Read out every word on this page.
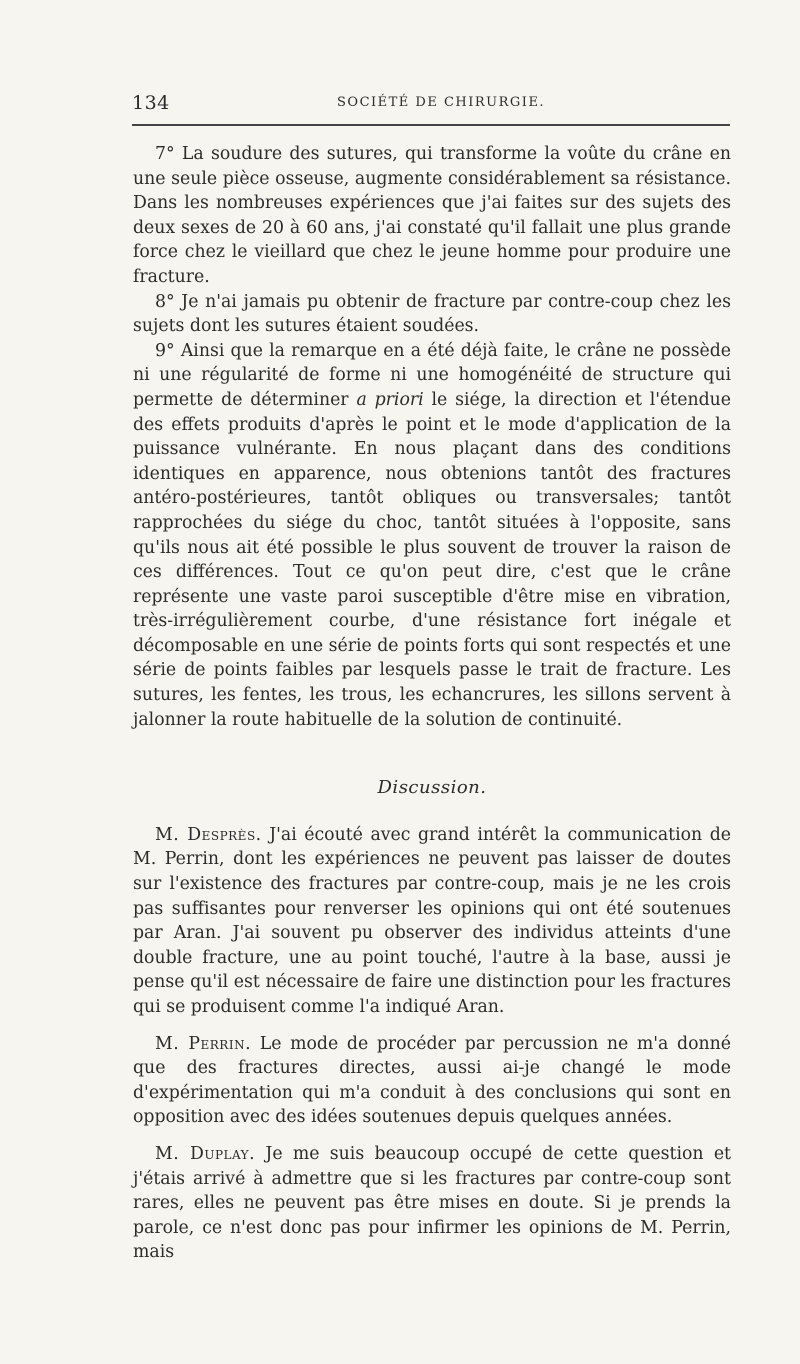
134	SOCIÉTÉ DE CHIRURGIE.

7° La soudure des sutures, qui transforme la voûte du crâne en une seule pièce osseuse, augmente considérablement sa résistance. Dans les nombreuses expériences que j'ai faites sur des sujets des deux sexes de 20 à 60 ans, j'ai constaté qu'il fallait une plus grande force chez le vieillard que chez le jeune homme pour produire une fracture.

8° Je n'ai jamais pu obtenir de fracture par contre-coup chez les sujets dont les sutures étaient soudées.

9° Ainsi que la remarque en a été déjà faite, le crâne ne possède ni une régularité de forme ni une homogénéité de structure qui permette de déterminer a priori le siége, la direction et l'étendue des effets produits d'après le point et le mode d'application de la puissance vulnérante. En nous plaçant dans des conditions identiques en apparence, nous obtenions tantôt des fractures antéro-postérieures, tantôt obliques ou transversales; tantôt rapprochées du siége du choc, tantôt situées à l'opposite, sans qu'ils nous ait été possible le plus souvent de trouver la raison de ces différences. Tout ce qu'on peut dire, c'est que le crâne représente une vaste paroi susceptible d'être mise en vibration, très-irrégulièrement courbe, d'une résistance fort inégale et décomposable en une série de points forts qui sont respectés et une série de points faibles par lesquels passe le trait de fracture. Les sutures, les fentes, les trous, les echancrures, les sillons servent à jalonner la route habituelle de la solution de continuité.

Discussion.

M. Desprès. J'ai écouté avec grand intérêt la communication de M. Perrin, dont les expériences ne peuvent pas laisser de doutes sur l'existence des fractures par contre-coup, mais je ne les crois pas suffisantes pour renverser les opinions qui ont été soutenues par Aran. J'ai souvent pu observer des individus atteints d'une double fracture, une au point touché, l'autre à la base, aussi je pense qu'il est nécessaire de faire une distinction pour les fractures qui se produisent comme l'a indiqué Aran.

M. Perrin. Le mode de procéder par percussion ne m'a donné que des fractures directes, aussi ai-je changé le mode d'expérimentation qui m'a conduit à des conclusions qui sont en opposition avec des idées soutenues depuis quelques années.

M. Duplay. Je me suis beaucoup occupé de cette question et j'étais arrivé à admettre que si les fractures par contre-coup sont rares, elles ne peuvent pas être mises en doute. Si je prends la parole, ce n'est donc pas pour infirmer les opinions de M. Perrin, mais
